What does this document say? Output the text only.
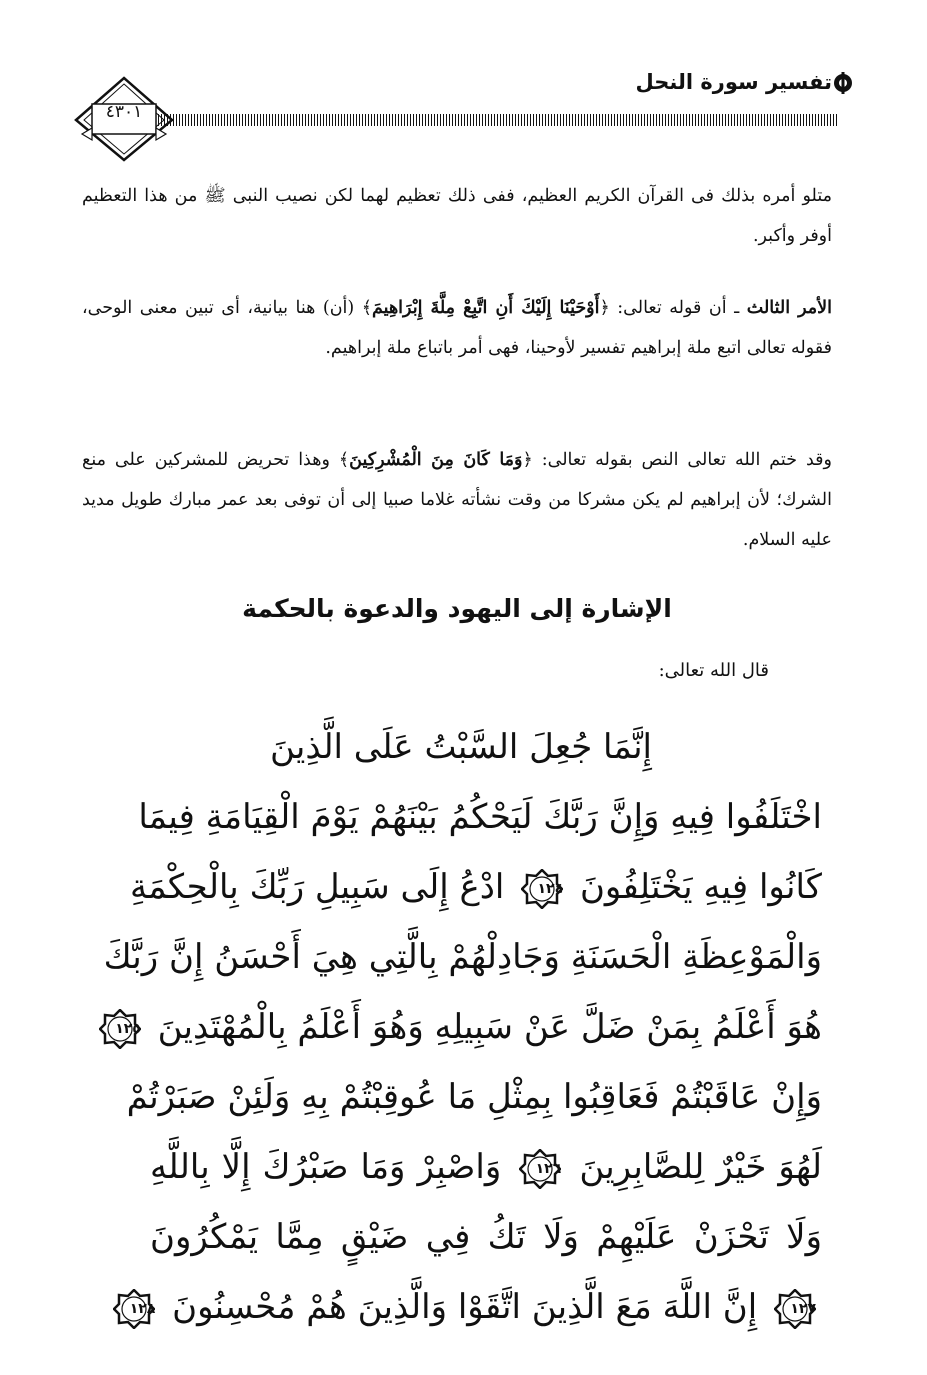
تفسير سورة النحل
٤٣٠١
متلو أمره بذلك فى القرآن الكريم العظيم، ففى ذلك تعظيم لهما لكن نصيب النبى ﷺ من هذا التعظيم أوفر وأكبر.
الأمر الثالث ـ أن قوله تعالى: ﴿أَوْحَيْنَا إِلَيْكَ أَنِ اتَّبِعْ مِلَّةَ إِبْرَاهِيمَ﴾ (أن) هنا بيانية، أى تبين معنى الوحى، فقوله تعالى اتبع ملة إبراهيم تفسير لأوحينا، فهى أمر باتباع ملة إبراهيم.
وقد ختم الله تعالى النص بقوله تعالى: ﴿وَمَا كَانَ مِنَ الْمُشْرِكِينَ﴾ وهذا تحريض للمشركين على منع الشرك؛ لأن إبراهيم لم يكن مشركا من وقت نشأته غلاما صبيا إلى أن توفى بعد عمر مبارك طويل مديد عليه السلام.
الإشارة إلى اليهود والدعوة بالحكمة
قال الله تعالى:
إِنَّمَا جُعِلَ السَّبْتُ عَلَى الَّذِينَ
اخْتَلَفُوا فِيهِ وَإِنَّ رَبَّكَ لَيَحْكُمُ بَيْنَهُمْ يَوْمَ الْقِيَامَةِ فِيمَا
كَانُوا فِيهِ يَخْتَلِفُونَ
١٢٤
ادْعُ إِلَى سَبِيلِ رَبِّكَ بِالْحِكْمَةِ
وَالْمَوْعِظَةِ الْحَسَنَةِ وَجَادِلْهُمْ بِالَّتِي هِيَ أَحْسَنُ إِنَّ رَبَّكَ
هُوَ أَعْلَمُ بِمَنْ ضَلَّ عَنْ سَبِيلِهِ وَهُوَ أَعْلَمُ بِالْمُهْتَدِينَ
١٢٥
وَإِنْ عَاقَبْتُمْ فَعَاقِبُوا بِمِثْلِ مَا عُوقِبْتُمْ بِهِ وَلَئِنْ صَبَرْتُمْ
لَهُوَ خَيْرٌ لِلصَّابِرِينَ
١٢٦
وَاصْبِرْ وَمَا صَبْرُكَ إِلَّا بِاللَّهِ
وَلَا تَحْزَنْ عَلَيْهِمْ وَلَا تَكُ فِي ضَيْقٍ مِمَّا يَمْكُرُونَ
١٢٧
إِنَّ اللَّهَ مَعَ الَّذِينَ اتَّقَوْا وَالَّذِينَ هُمْ مُحْسِنُونَ
١٢٨
